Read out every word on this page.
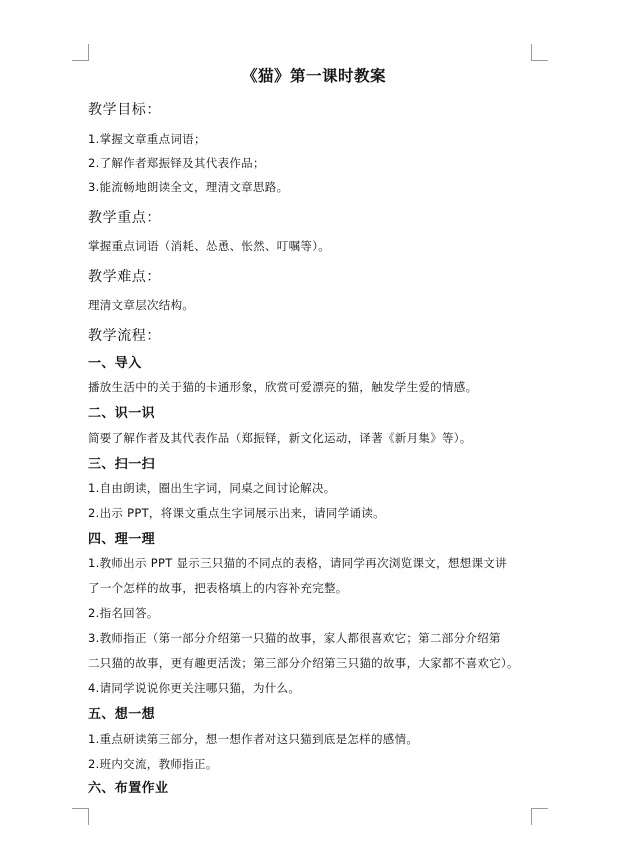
《猫》第一课时教案
教学目标：
1.掌握文章重点词语；
2.了解作者郑振铎及其代表作品；
3.能流畅地朗读全文，理清文章思路。
教学重点：
掌握重点词语（消耗、怂恿、怅然、叮嘱等）。
教学难点：
理清文章层次结构。
教学流程：
一、导入
播放生活中的关于猫的卡通形象，欣赏可爱漂亮的猫，触发学生爱的情感。
二、识一识
简要了解作者及其代表作品（郑振铎，新文化运动，译著《新月集》等）。
三、扫一扫
1.自由朗读，圈出生字词，同桌之间讨论解决。
2.出示 PPT，将课文重点生字词展示出来，请同学诵读。
四、理一理
1.教师出示 PPT 显示三只猫的不同点的表格，请同学再次浏览课文，想想课文讲
了一个怎样的故事，把表格填上的内容补充完整。
2.指名回答。
3.教师指正（第一部分介绍第一只猫的故事，家人都很喜欢它；第二部分介绍第
二只猫的故事，更有趣更活泼；第三部分介绍第三只猫的故事，大家都不喜欢它）。
4.请同学说说你更关注哪只猫，为什么。
五、想一想
1.重点研读第三部分，想一想作者对这只猫到底是怎样的感情。
2.班内交流，教师指正。
六、布置作业
